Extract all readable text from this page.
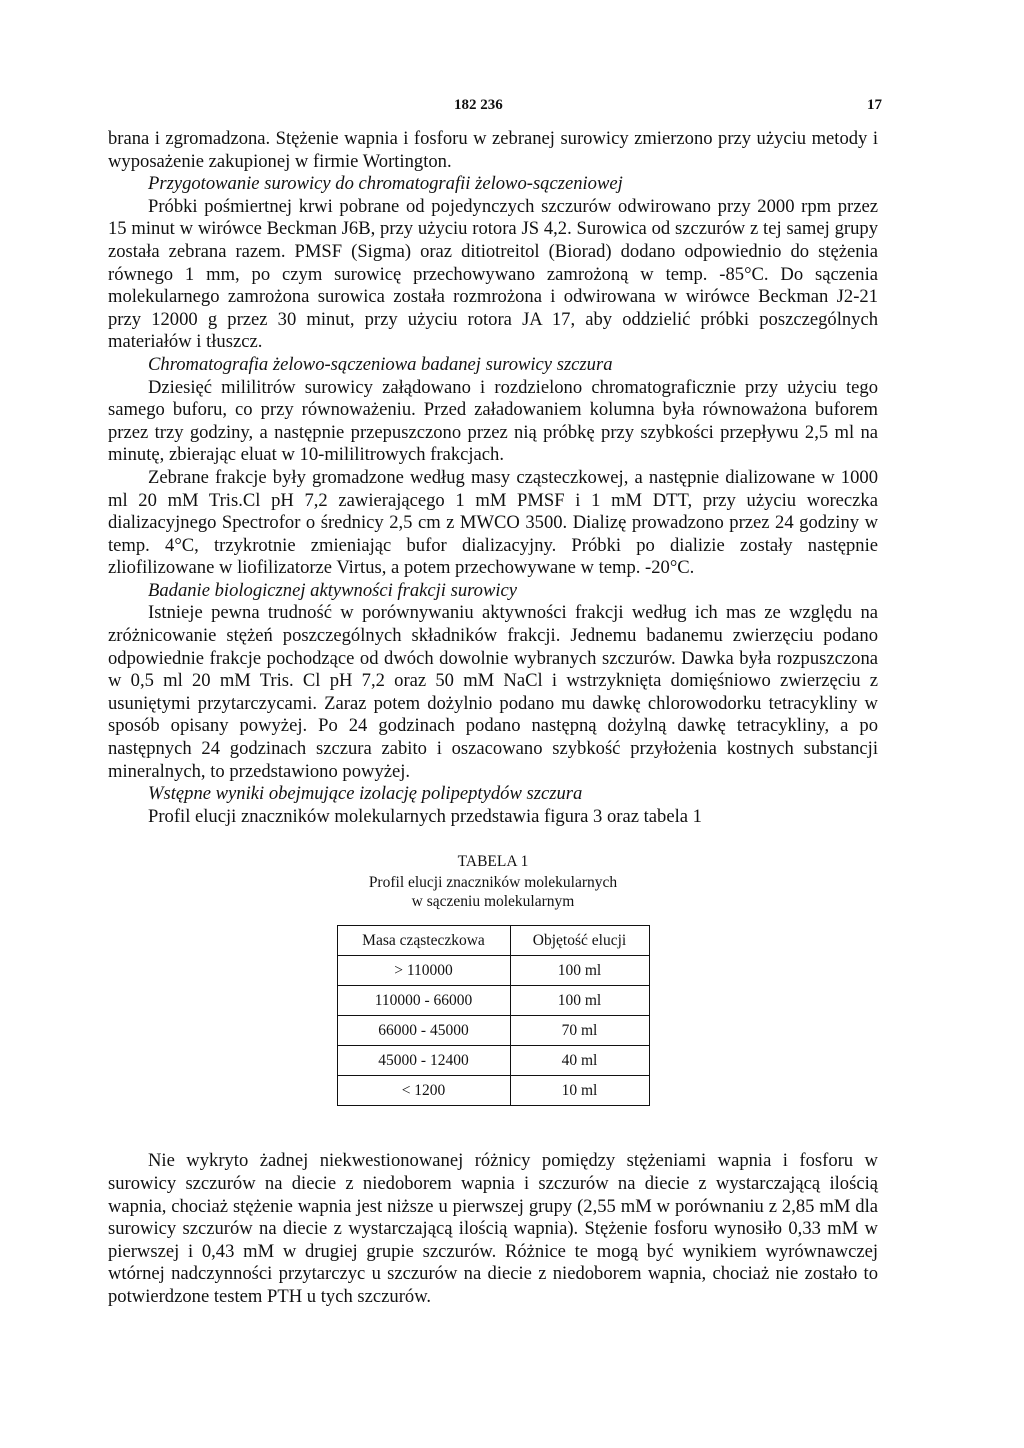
182 236	17

brana i zgromadzona. Stężenie wapnia i fosforu w zebranej surowicy zmierzono przy użyciu metody i wyposażenie zakupionej w firmie Wortington.

Przygotowanie surowicy do chromatografii żelowo-sączeniowej

Próbki pośmiertnej krwi pobrane od pojedynczych szczurów odwirowano przy 2000 rpm przez 15 minut w wirówce Beckman J6B, przy użyciu rotora JS 4,2. Surowica od szczurów z tej samej grupy została zebrana razem. PMSF (Sigma) oraz ditiotreitol (Biorad) dodano odpowiednio do stężenia równego 1 mm, po czym surowicę przechowywano zamrożoną w temp. -85°C. Do sączenia molekularnego zamrożona surowica została rozmrożona i odwirowana w wirówce Beckman J2-21 przy 12000 g przez 30 minut, przy użyciu rotora JA 17, aby oddzielić próbki poszczególnych materiałów i tłuszcz.

Chromatografia żelowo-sączeniowa badanej surowicy szczura

Dziesięć mililitrów surowicy załądowano i rozdzielono chromatograficznie przy użyciu tego samego buforu, co przy równoważeniu. Przed załadowaniem kolumna była równoważona buforem przez trzy godziny, a następnie przepuszczono przez nią próbkę przy szybkości przepływu 2,5 ml na minutę, zbierając eluat w 10-mililitrowych frakcjach.

Zebrane frakcje były gromadzone według masy cząsteczkowej, a następnie dializowane w 1000 ml 20 mM Tris.Cl pH 7,2 zawierającego 1 mM PMSF i 1 mM DTT, przy użyciu woreczka dializacyjnego Spectrofor o średnicy 2,5 cm z MWCO 3500. Dializę prowadzono przez 24 godziny w temp. 4°C, trzykrotnie zmieniając bufor dializacyjny. Próbki po dializie zostały następnie zliofilizowane w liofilizatorze Virtus, a potem przechowywane w temp. -20°C.

Badanie biologicznej aktywności frakcji surowicy

Istnieje pewna trudność w porównywaniu aktywności frakcji według ich mas ze względu na zróżnicowanie stężeń poszczególnych składników frakcji. Jednemu badanemu zwierzęciu podano odpowiednie frakcje pochodzące od dwóch dowolnie wybranych szczurów. Dawka była rozpuszczona w 0,5 ml 20 mM Tris. Cl pH 7,2 oraz 50 mM NaCl i wstrzyknięta domięśniowo zwierzęciu z usuniętymi przytarczycami. Zaraz potem dożylnio podano mu dawkę chlorowodorku tetracykliny w sposób opisany powyżej. Po 24 godzinach podano następną dożylną dawkę tetracykliny, a po następnych 24 godzinach szczura zabito i oszacowano szybkość przyłożenia kostnych substancji mineralnych, to przedstawiono powyżej.

Wstępne wyniki obejmujące izolację polipeptydów szczura

Profil elucji znaczników molekularnych przedstawia figura 3 oraz tabela 1

TABELA 1
Profil elucji znaczników molekularnych
w sączeniu molekularnym
Masa cząsteczkowa	Objętość elucji
> 110000	100 ml
110000 - 66000	100 ml
66000 - 45000	70 ml
45000 - 12400	40 ml
< 1200	10 ml

Nie wykryto żadnej niekwestionowanej różnicy pomiędzy stężeniami wapnia i fosforu w surowicy szczurów na diecie z niedoborem wapnia i szczurów na diecie z wystarczającą ilością wapnia, chociaż stężenie wapnia jest niższe u pierwszej grupy (2,55 mM w porównaniu z 2,85 mM dla surowicy szczurów na diecie z wystarczającą ilością wapnia). Stężenie fosforu wynosiło 0,33 mM w pierwszej i 0,43 mM w drugiej grupie szczurów. Różnice te mogą być wynikiem wyrównawczej wtórnej nadczynności przytarczyc u szczurów na diecie z niedoborem wapnia, chociaż nie zostało to potwierdzone testem PTH u tych szczurów.
